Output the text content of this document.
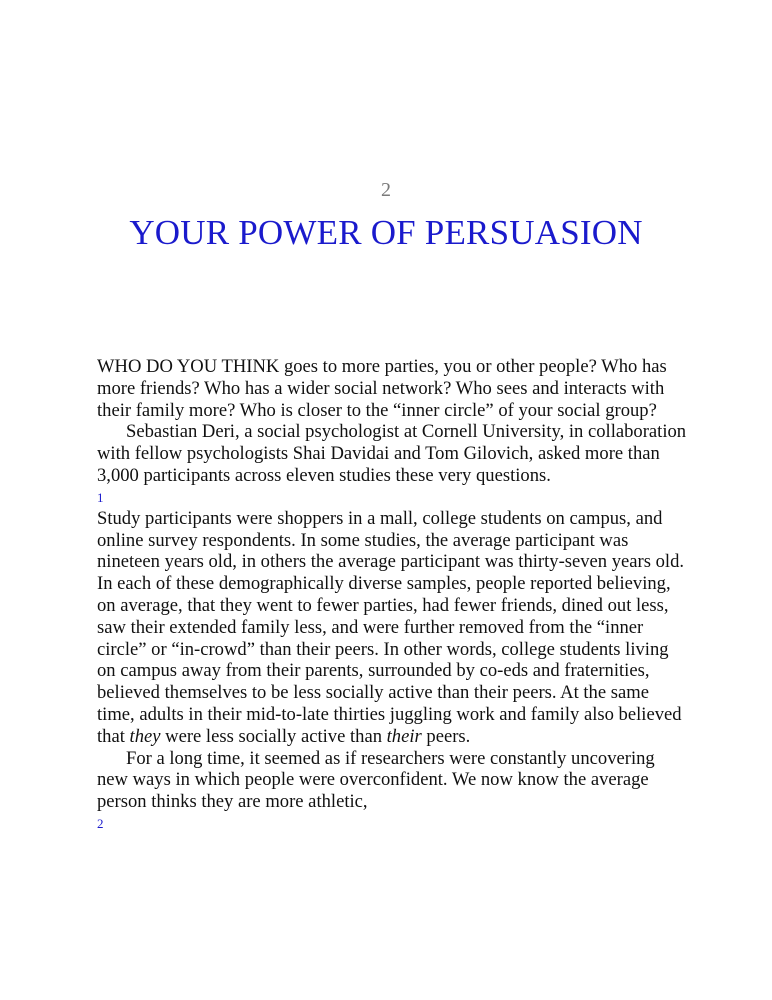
2
YOUR POWER OF PERSUASION

WHO DO YOU THINK goes to more parties, you or other people? Who has more friends? Who has a wider social network? Who sees and interacts with their family more? Who is closer to the “inner circle” of your social group?

Sebastian Deri, a social psychologist at Cornell University, in collaboration with fellow psychologists Shai Davidai and Tom Gilovich, asked more than 3,000 participants across eleven studies these very questions.

1

Study participants were shoppers in a mall, college students on campus, and online survey respondents. In some studies, the average participant was nineteen years old, in others the average participant was thirty-seven years old. In each of these demographically diverse samples, people reported believing, on average, that they went to fewer parties, had fewer friends, dined out less, saw their extended family less, and were further removed from the “inner circle” or “in-crowd” than their peers. In other words, college students living on campus away from their parents, surrounded by co-eds and fraternities, believed themselves to be less socially active than their peers. At the same time, adults in their mid-to-late thirties juggling work and family also believed that they were less socially active than their peers.

For a long time, it seemed as if researchers were constantly uncovering new ways in which people were overconfident. We now know the average person thinks they are more athletic,

2
